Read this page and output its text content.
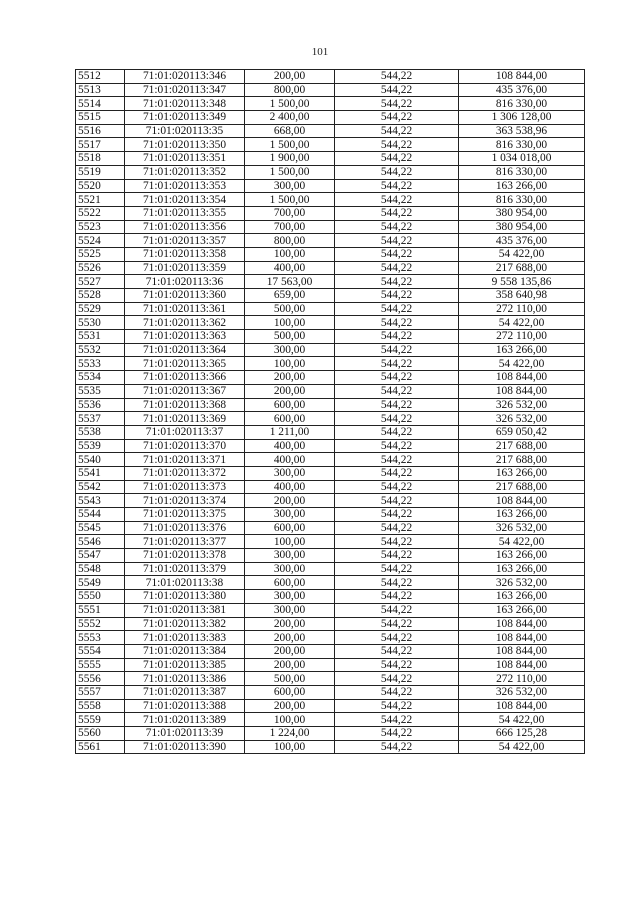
101
5512	71:01:020113:346	200,00	544,22	108 844,00
5513	71:01:020113:347	800,00	544,22	435 376,00
5514	71:01:020113:348	1 500,00	544,22	816 330,00
5515	71:01:020113:349	2 400,00	544,22	1 306 128,00
5516	71:01:020113:35	668,00	544,22	363 538,96
5517	71:01:020113:350	1 500,00	544,22	816 330,00
5518	71:01:020113:351	1 900,00	544,22	1 034 018,00
5519	71:01:020113:352	1 500,00	544,22	816 330,00
5520	71:01:020113:353	300,00	544,22	163 266,00
5521	71:01:020113:354	1 500,00	544,22	816 330,00
5522	71:01:020113:355	700,00	544,22	380 954,00
5523	71:01:020113:356	700,00	544,22	380 954,00
5524	71:01:020113:357	800,00	544,22	435 376,00
5525	71:01:020113:358	100,00	544,22	54 422,00
5526	71:01:020113:359	400,00	544,22	217 688,00
5527	71:01:020113:36	17 563,00	544,22	9 558 135,86
5528	71:01:020113:360	659,00	544,22	358 640,98
5529	71:01:020113:361	500,00	544,22	272 110,00
5530	71:01:020113:362	100,00	544,22	54 422,00
5531	71:01:020113:363	500,00	544,22	272 110,00
5532	71:01:020113:364	300,00	544,22	163 266,00
5533	71:01:020113:365	100,00	544,22	54 422,00
5534	71:01:020113:366	200,00	544,22	108 844,00
5535	71:01:020113:367	200,00	544,22	108 844,00
5536	71:01:020113:368	600,00	544,22	326 532,00
5537	71:01:020113:369	600,00	544,22	326 532,00
5538	71:01:020113:37	1 211,00	544,22	659 050,42
5539	71:01:020113:370	400,00	544,22	217 688,00
5540	71:01:020113:371	400,00	544,22	217 688,00
5541	71:01:020113:372	300,00	544,22	163 266,00
5542	71:01:020113:373	400,00	544,22	217 688,00
5543	71:01:020113:374	200,00	544,22	108 844,00
5544	71:01:020113:375	300,00	544,22	163 266,00
5545	71:01:020113:376	600,00	544,22	326 532,00
5546	71:01:020113:377	100,00	544,22	54 422,00
5547	71:01:020113:378	300,00	544,22	163 266,00
5548	71:01:020113:379	300,00	544,22	163 266,00
5549	71:01:020113:38	600,00	544,22	326 532,00
5550	71:01:020113:380	300,00	544,22	163 266,00
5551	71:01:020113:381	300,00	544,22	163 266,00
5552	71:01:020113:382	200,00	544,22	108 844,00
5553	71:01:020113:383	200,00	544,22	108 844,00
5554	71:01:020113:384	200,00	544,22	108 844,00
5555	71:01:020113:385	200,00	544,22	108 844,00
5556	71:01:020113:386	500,00	544,22	272 110,00
5557	71:01:020113:387	600,00	544,22	326 532,00
5558	71:01:020113:388	200,00	544,22	108 844,00
5559	71:01:020113:389	100,00	544,22	54 422,00
5560	71:01:020113:39	1 224,00	544,22	666 125,28
5561	71:01:020113:390	100,00	544,22	54 422,00
